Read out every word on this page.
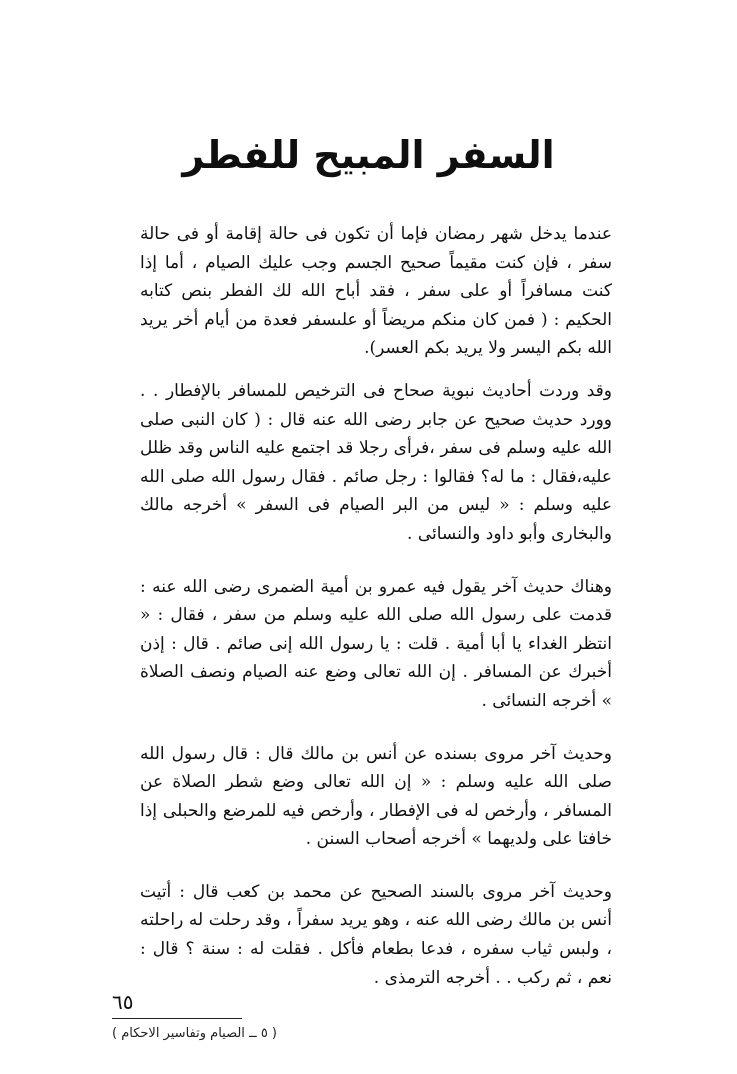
السفر المبيح للفطر

عندما يدخل شهر رمضان فإما أن تكون فى حالة إقامة أو فى حالة سفر ، فإن كنت مقيماً صحيح الجسم وجب عليك الصيام ، أما إذا كنت مسافراً أو على سفر ، فقد أباح الله لك الفطر بنص كتابه الحكيم : ( فمن كان منكم مريضاً أو علىسفر فعدة من أيام أخر يريد الله بكم اليسر ولا يريد بكم العسر).

وقد وردت أحاديث نبوية صحاح فى الترخيص للمسافر بالإفطار . . وورد حديث صحيح عن جابر رضى الله عنه قال : ( كان النبى صلى الله عليه وسلم فى سفر ،فرأى رجلا قد اجتمع عليه الناس وقد ظلل عليه،فقال : ما له؟ فقالوا : رجل صائم . فقال رسول الله صلى الله عليه وسلم : « ليس من البر الصيام فى السفر » أخرجه مالك والبخارى وأبو داود والنسائى .

وهناك حديث آخر يقول فيه عمرو بن أمية الضمرى رضى الله عنه : قدمت على رسول الله صلى الله عليه وسلم من سفر ، فقال : « انتظر الغداء يا أبا أمية . قلت : يا رسول الله إنى صائم . قال : إذن أخبرك عن المسافر . إن الله تعالى وضع عنه الصيام ونصف الصلاة » أخرجه النسائى .

وحديث آخر مروى بسنده عن أنس بن مالك قال : قال رسول الله صلى الله عليه وسلم : « إن الله تعالى وضع شطر الصلاة عن المسافر ، وأرخص له فى الإفطار ، وأرخص فيه للمرضع والحبلى إذا خافتا على ولديهما » أخرجه أصحاب السنن .

وحديث آخر مروى بالسند الصحيح عن محمد بن كعب قال : أتيت أنس بن مالك رضى الله عنه ، وهو يريد سفراً ، وقد رحلت له راحلته ، ولبس ثياب سفره ، فدعا بطعام فأكل . فقلت له : سنة ؟ قال : نعم ، ثم ركب . . أخرجه الترمذى .

٦٥
( ٥ ــ الصيام وتفاسير الاحكام )
